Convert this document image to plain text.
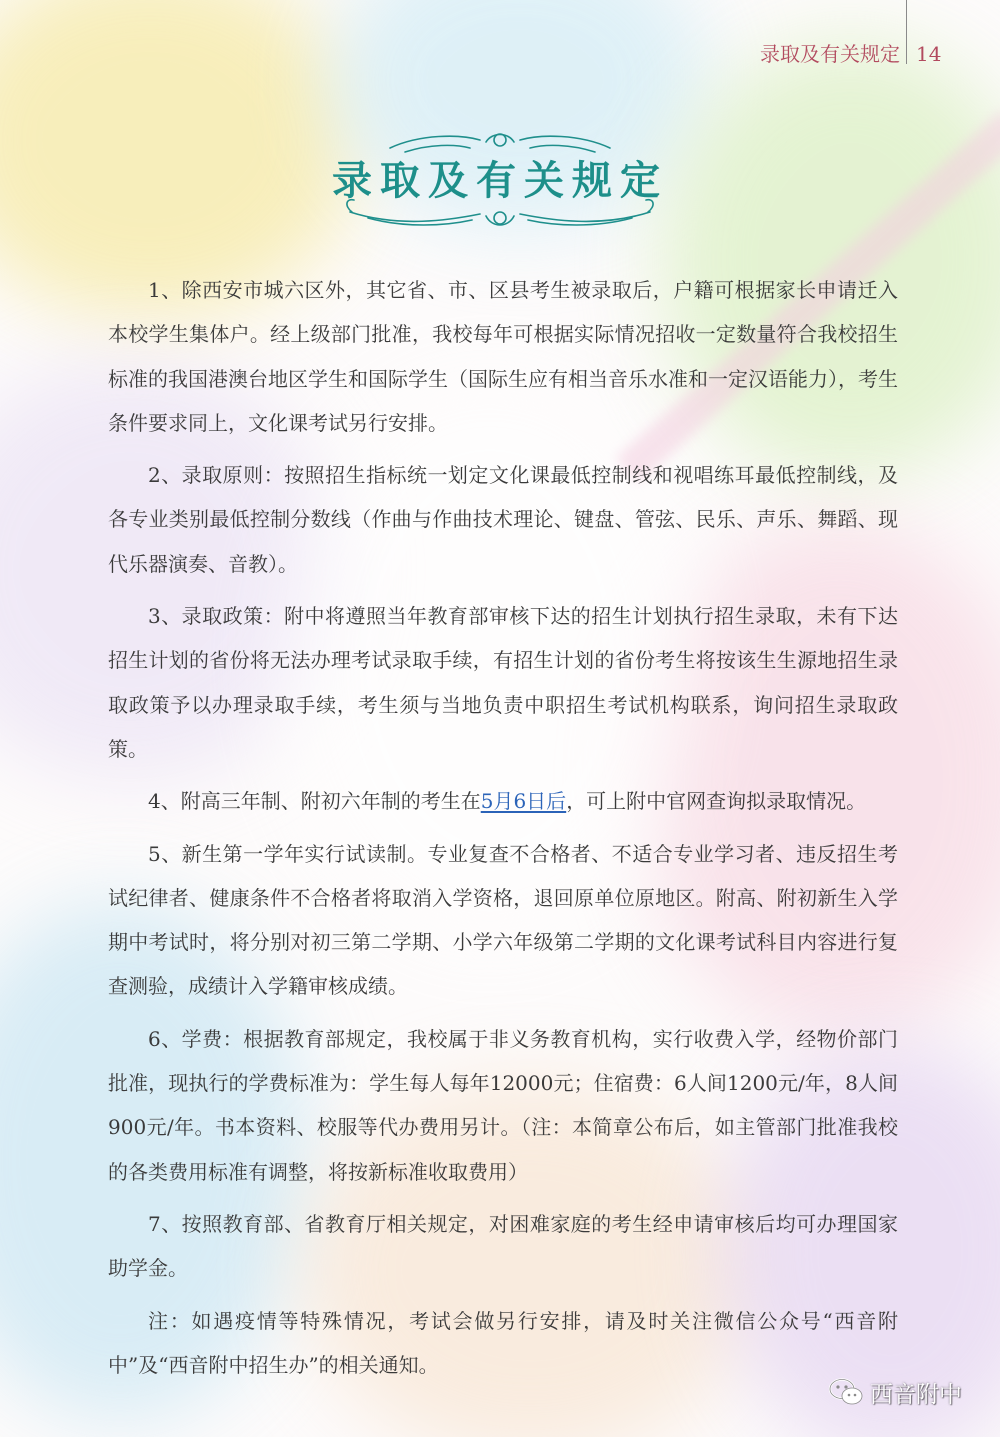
录取及有关规定 14
录取及有关规定

1、除西安市城六区外，其它省、市、区县考生被录取后，户籍可根据家长申请迁入本校学生集体户。经上级部门批准，我校每年可根据实际情况招收一定数量符合我校招生标准的我国港澳台地区学生和国际学生（国际生应有相当音乐水准和一定汉语能力），考生条件要求同上，文化课考试另行安排。

2、录取原则：按照招生指标统一划定文化课最低控制线和视唱练耳最低控制线，及各专业类别最低控制分数线（作曲与作曲技术理论、键盘、管弦、民乐、声乐、舞蹈、现代乐器演奏、音教）。

3、录取政策：附中将遵照当年教育部审核下达的招生计划执行招生录取，未有下达招生计划的省份将无法办理考试录取手续，有招生计划的省份考生将按该生生源地招生录取政策予以办理录取手续，考生须与当地负责中职招生考试机构联系，询问招生录取政策。

4、附高三年制、附初六年制的考生在5月6日后，可上附中官网查询拟录取情况。

5、新生第一学年实行试读制。专业复查不合格者、不适合专业学习者、违反招生考试纪律者、健康条件不合格者将取消入学资格，退回原单位原地区。附高、附初新生入学期中考试时，将分别对初三第二学期、小学六年级第二学期的文化课考试科目内容进行复查测验，成绩计入学籍审核成绩。

6、学费：根据教育部规定，我校属于非义务教育机构，实行收费入学，经物价部门批准，现执行的学费标准为：学生每人每年12000元；住宿费：6人间1200元/年，8人间900元/年。书本资料、校服等代办费用另计。（注：本简章公布后，如主管部门批准我校的各类费用标准有调整，将按新标准收取费用）

7、按照教育部、省教育厅相关规定，对困难家庭的考生经申请审核后均可办理国家助学金。

注：如遇疫情等特殊情况，考试会做另行安排，请及时关注微信公众号“西音附中”及“西音附中招生办”的相关通知。

西音附中
